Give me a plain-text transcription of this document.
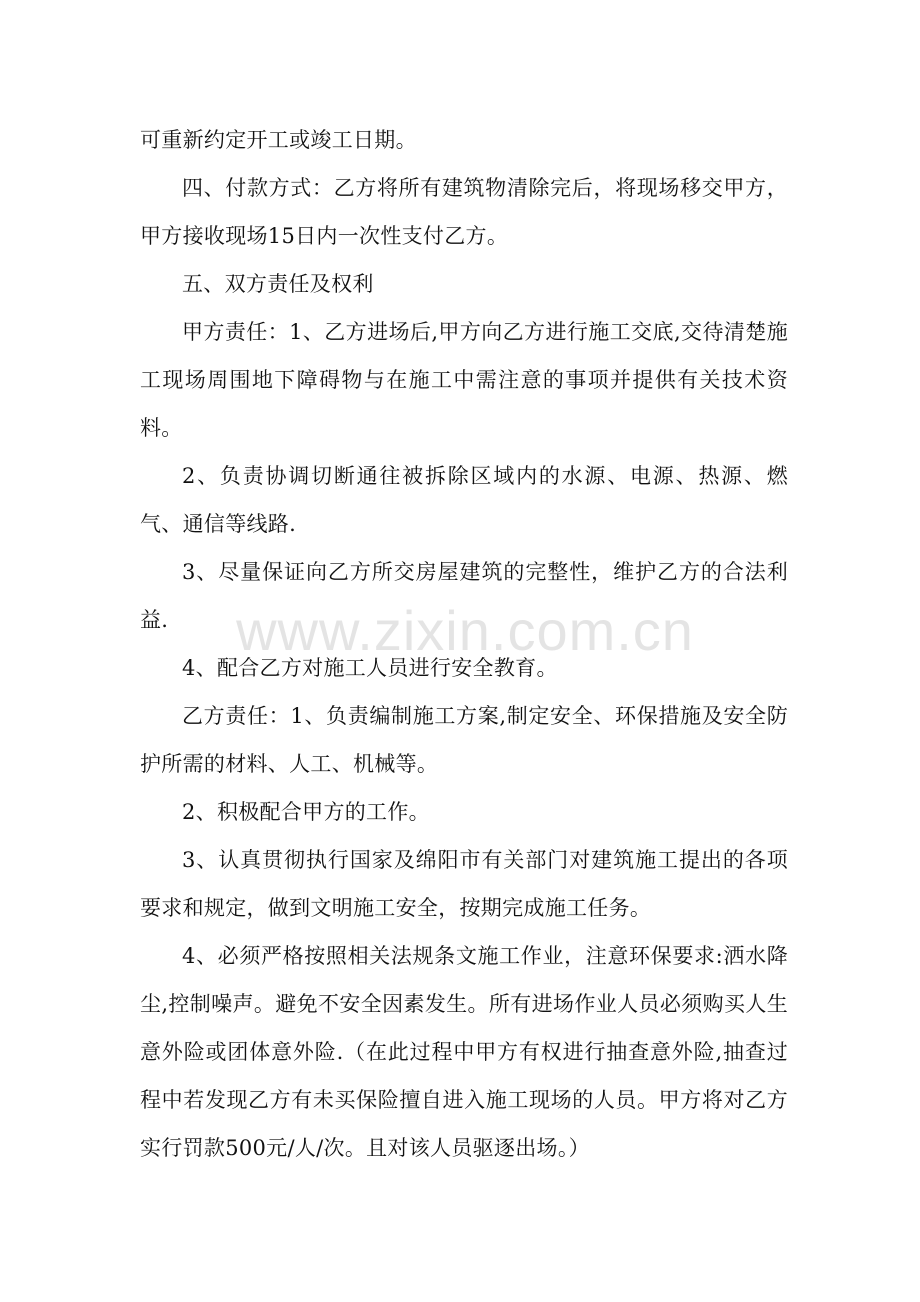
可重新约定开工或竣工日期。

四、付款方式：乙方将所有建筑物清除完后，将现场移交甲方，甲方接收现场15日内一次性支付乙方。

五、双方责任及权利

甲方责任：1、乙方进场后,甲方向乙方进行施工交底,交待清楚施工现场周围地下障碍物与在施工中需注意的事项并提供有关技术资料。

2、负责协调切断通往被拆除区域内的水源、电源、热源、燃气、通信等线路.

3、尽量保证向乙方所交房屋建筑的完整性，维护乙方的合法利益.

4、配合乙方对施工人员进行安全教育。

乙方责任：1、负责编制施工方案,制定安全、环保措施及安全防护所需的材料、人工、机械等。

2、积极配合甲方的工作。

3、认真贯彻执行国家及绵阳市有关部门对建筑施工提出的各项要求和规定，做到文明施工安全，按期完成施工任务。

4、必须严格按照相关法规条文施工作业，注意环保要求:洒水降尘,控制噪声。避免不安全因素发生。所有进场作业人员必须购买人生意外险或团体意外险.（在此过程中甲方有权进行抽查意外险,抽查过程中若发现乙方有未买保险擅自进入施工现场的人员。甲方将对乙方实行罚款500元/人/次。且对该人员驱逐出场。）

www.zixin.com.cn
